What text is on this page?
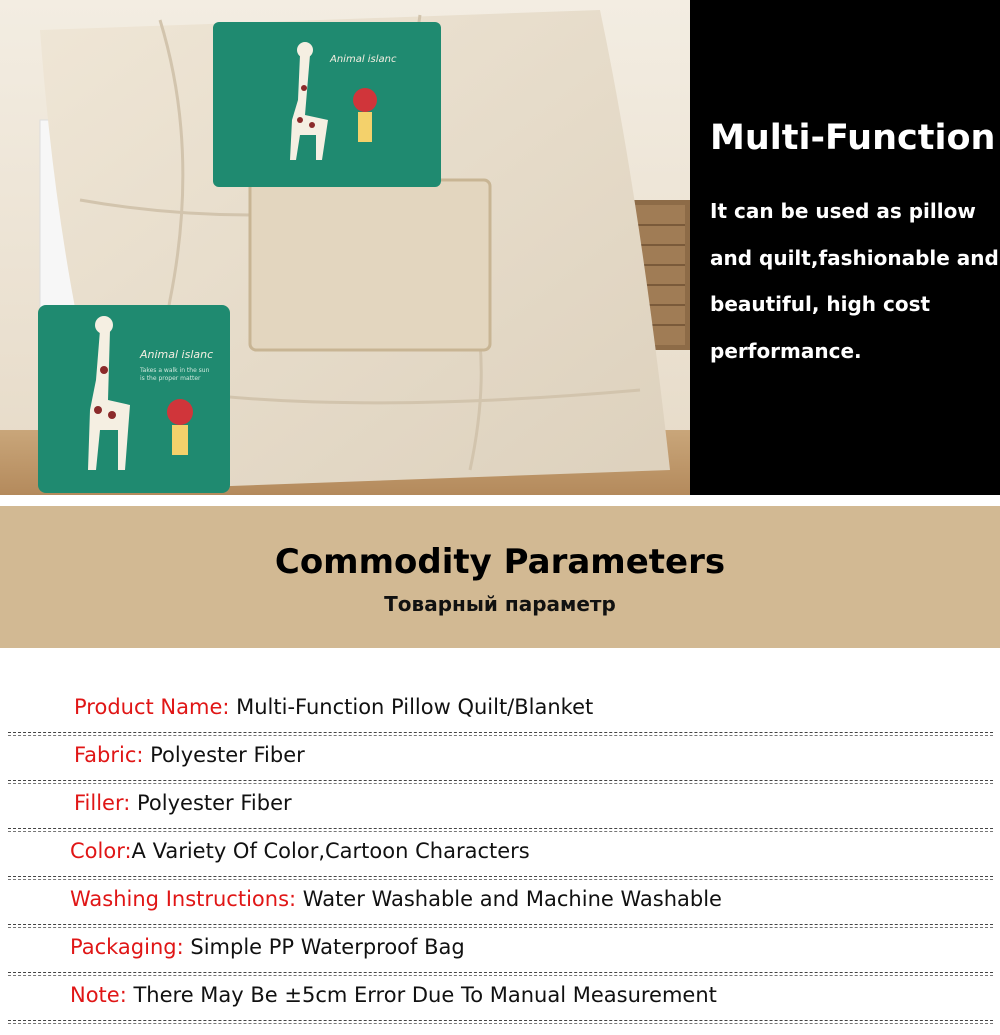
Animal islanc
Animal islanc
Takes a walk in the sun
is the proper matter
Multi-Function
It can be used as pillow
and quilt,fashionable and
beautiful, high cost
performance.
Commodity Parameters
Товарный параметр
Product Name: Multi-Function Pillow Quilt/Blanket
Fabric: Polyester Fiber
Filler: Polyester Fiber
Color:A Variety Of Color,Cartoon Characters
Washing Instructions: Water Washable and Machine Washable
Packaging: Simple PP Waterproof Bag
Note: There May Be ±5cm Error Due To Manual Measurement
